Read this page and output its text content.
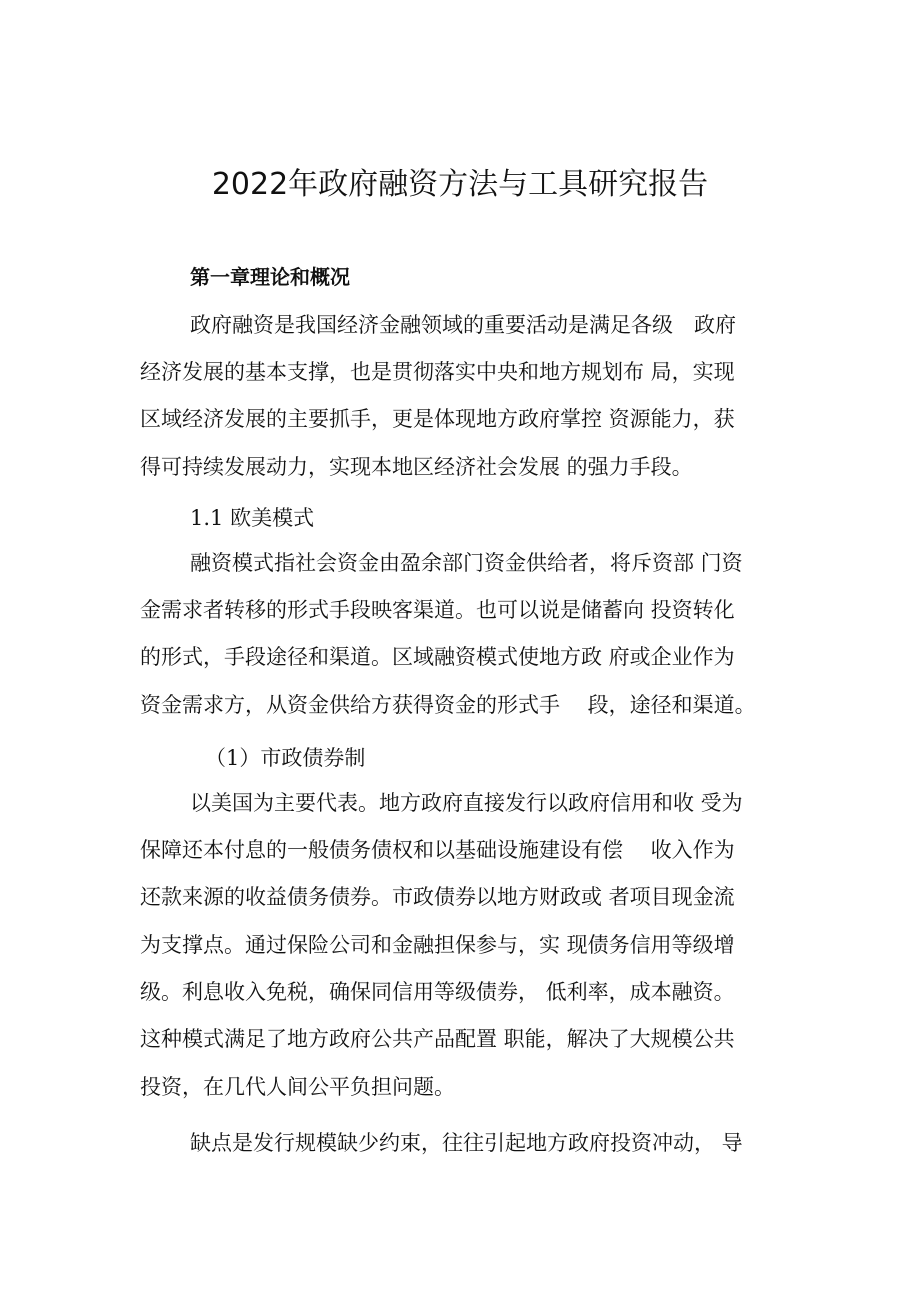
2022年政府融资方法与工具研究报告
第一章理论和概况

政府融资是我国经济金融领域的重要活动是满足各级　政府

经济发展的基本支撑，也是贯彻落实中央和地方规划布 局，实现

区域经济发展的主要抓手，更是体现地方政府掌控 资源能力，获

得可持续发展动力，实现本地区经济社会发展 的强力手段。

1.1 欧美模式

融资模式指社会资金由盈余部门资金供给者，将斥资部 门资

金需求者转移的形式手段映客渠道。也可以说是储蓄向 投资转化

的形式，手段途径和渠道。区域融资模式使地方政 府或企业作为

资金需求方，从资金供给方获得资金的形式手　 段，途径和渠道。

（1）市政债券制

以美国为主要代表。地方政府直接发行以政府信用和收 受为

保障还本付息的一般债务债权和以基础设施建设有偿　 收入作为

还款来源的收益债务债券。市政债券以地方财政或 者项目现金流

为支撑点。通过保险公司和金融担保参与，实 现债务信用等级增

级。利息收入免税，确保同信用等级债券， 低利率，成本融资。

这种模式满足了地方政府公共产品配置 职能，解决了大规模公共

投资，在几代人间公平负担问题。

缺点是发行规模缺少约束，往往引起地方政府投资冲动， 导
